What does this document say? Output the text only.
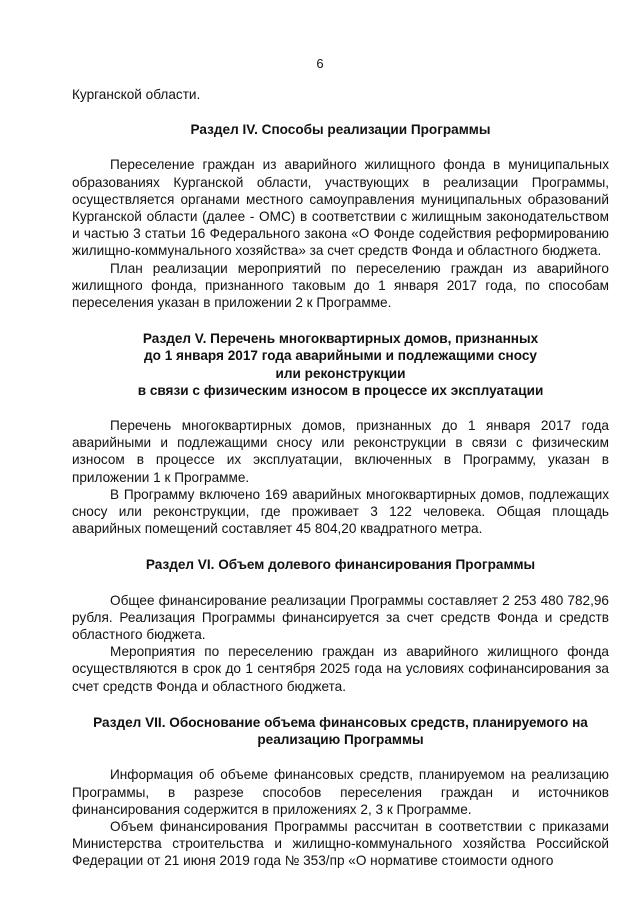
6

Курганской области.

Раздел IV. Способы реализации Программы

Переселение граждан из аварийного жилищного фонда в муниципальных образованиях Курганской области, участвующих в реализации Программы, осуществляется органами местного самоуправления муниципальных образований Курганской области (далее - ОМС) в соответствии с жилищным законодательством и частью 3 статьи 16 Федерального закона «О Фонде содействия реформированию жилищно-коммунального хозяйства» за счет средств Фонда и областного бюджета.

План реализации мероприятий по переселению граждан из аварийного жилищного фонда, признанного таковым до 1 января 2017 года, по способам переселения указан в приложении 2 к Программе.

Раздел V. Перечень многоквартирных домов, признанных

до 1 января 2017 года аварийными и подлежащими сносу

или реконструкции

в связи с физическим износом в процессе их эксплуатации

Перечень многоквартирных домов, признанных до 1 января 2017 года аварийными и подлежащими сносу или реконструкции в связи с физическим износом в процессе их эксплуатации, включенных в Программу, указан в приложении 1 к Программе.

В Программу включено 169 аварийных многоквартирных домов, подлежащих сносу или реконструкции, где проживает 3 122 человека. Общая площадь аварийных помещений составляет 45 804,20 квадратного метра.

Раздел VI. Объем долевого финансирования Программы

Общее финансирование реализации Программы составляет 2 253 480 782,96 рубля. Реализация Программы финансируется за счет средств Фонда и средств областного бюджета.

Мероприятия по переселению граждан из аварийного жилищного фонда осуществляются в срок до 1 сентября 2025 года на условиях софинансирования за счет средств Фонда и областного бюджета.

Раздел VII. Обоснование объема финансовых средств, планируемого на

реализацию Программы

Информация об объеме финансовых средств, планируемом на реализацию Программы, в разрезе способов переселения граждан и источников финансирования содержится в приложениях 2, 3 к Программе.

Объем финансирования Программы рассчитан в соответствии с приказами Министерства строительства и жилищно-коммунального хозяйства Российской Федерации от 21 июня 2019 года № 353/пр «О нормативе стоимости одного
